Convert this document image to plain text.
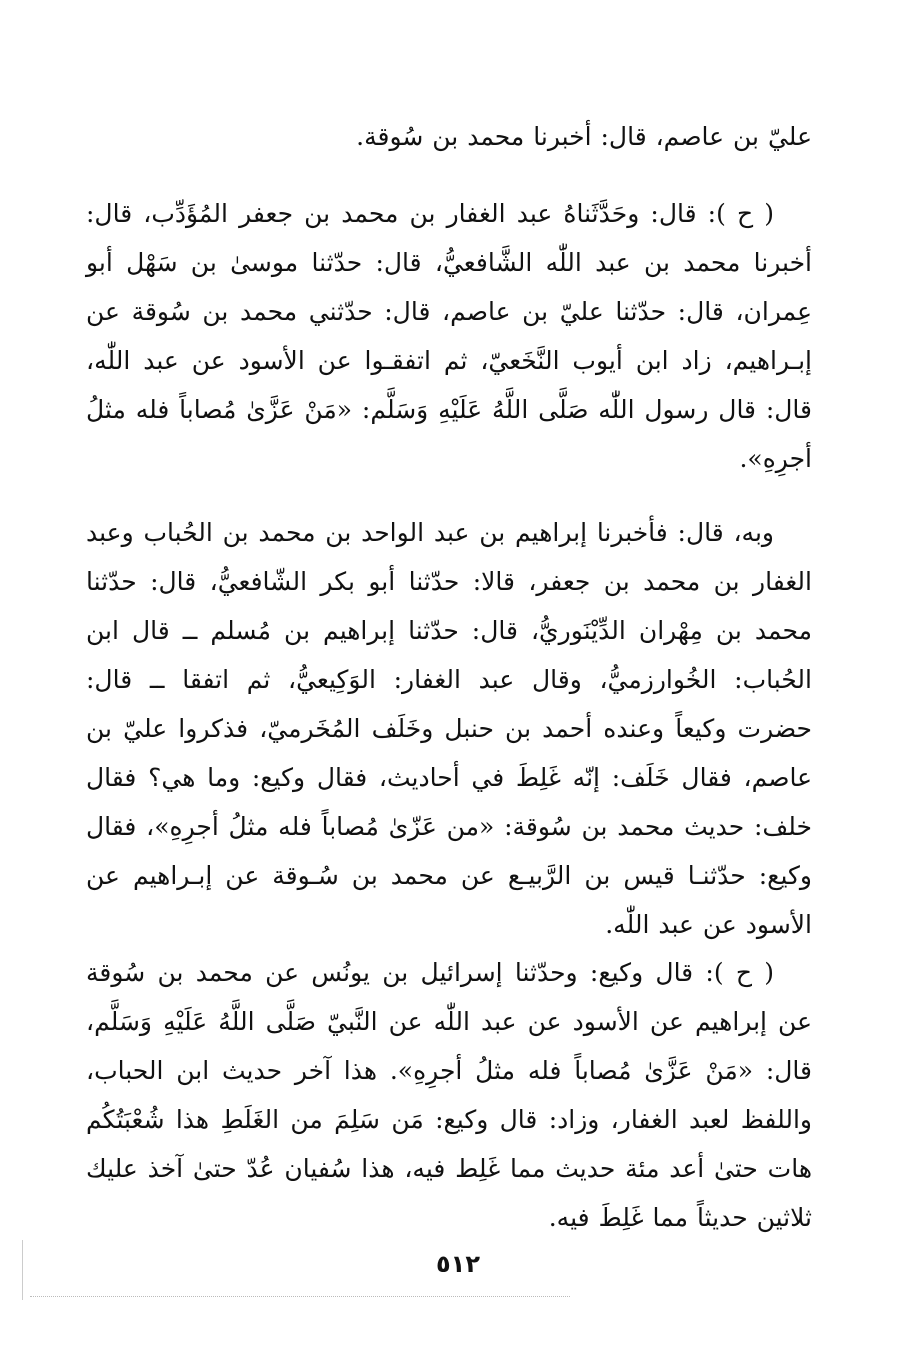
عليّ بن عاصم، قال: أخبرنا محمد بن سُوقة.

( ح ): قال: وحَدَّثَناهُ عبد الغفار بن محمد بن جعفر المُؤَدِّب، قال: أخبرنا محمد بن عبد اللّٰه الشَّافعيُّ، قال: حدّثنا موسىٰ بن سَهْل أبو عِمران، قال: حدّثنا عليّ بن عاصم، قال: حدّثني محمد بن سُوقة عن إبـراهيم، زاد ابن أيوب النَّخَعيّ، ثم اتفقـوا عن الأسود عن عبد اللّٰه، قال: قال رسول اللّٰه صَلَّى اللَّهُ عَلَيْهِ وَسَلَّم: «مَنْ عَزَّىٰ مُصاباً فله مثلُ أجرِهِ».

وبه، قال: فأخبرنا إبراهيم بن عبد الواحد بن محمد بن الحُباب وعبد الغفار بن محمد بن جعفر، قالا: حدّثنا أبو بكر الشّافعيُّ، قال: حدّثنا محمد بن مِهْران الدِّيْنَوريُّ، قال: حدّثنا إبراهيم بن مُسلم ــ قال ابن الحُباب: الخُوارزميُّ، وقال عبد الغفار: الوَكِيعيُّ، ثم اتفقا ــ قال: حضرت وكيعاً وعنده أحمد بن حنبل وخَلَف المُخَرميّ، فذكروا عليّ بن عاصم، فقال خَلَف: إنّه غَلِطَ في أحاديث، فقال وكيع: وما هي؟ فقال خلف: حديث محمد بن سُوقة: «من عَزّىٰ مُصاباً فله مثلُ أجرِهِ»، فقال وكيع: حدّثنـا قيس بن الرَّبيـع عن محمد بن سُـوقة عن إبـراهيم عن الأسود عن عبد اللّٰه.

( ح ): قال وكيع: وحدّثنا إسرائيل بن يونُس عن محمد بن سُوقة عن إبراهيم عن الأسود عن عبد اللّٰه عن النَّبيّ صَلَّى اللَّهُ عَلَيْهِ وَسَلَّم، قال: «مَنْ عَزَّىٰ مُصاباً فله مثلُ أجرِهِ». هذا آخر حديث ابن الحباب، واللفظ لعبد الغفار، وزاد: قال وكيع: مَن سَلِمَ من الغَلَطِ هذا شُعْبَتُكُم هات حتىٰ أعد مئة حديث مما غَلِط فيه، هذا سُفيان عُدّ حتىٰ آخذ عليك ثلاثين حديثاً مما غَلِطَ فيه.

٥١٢
